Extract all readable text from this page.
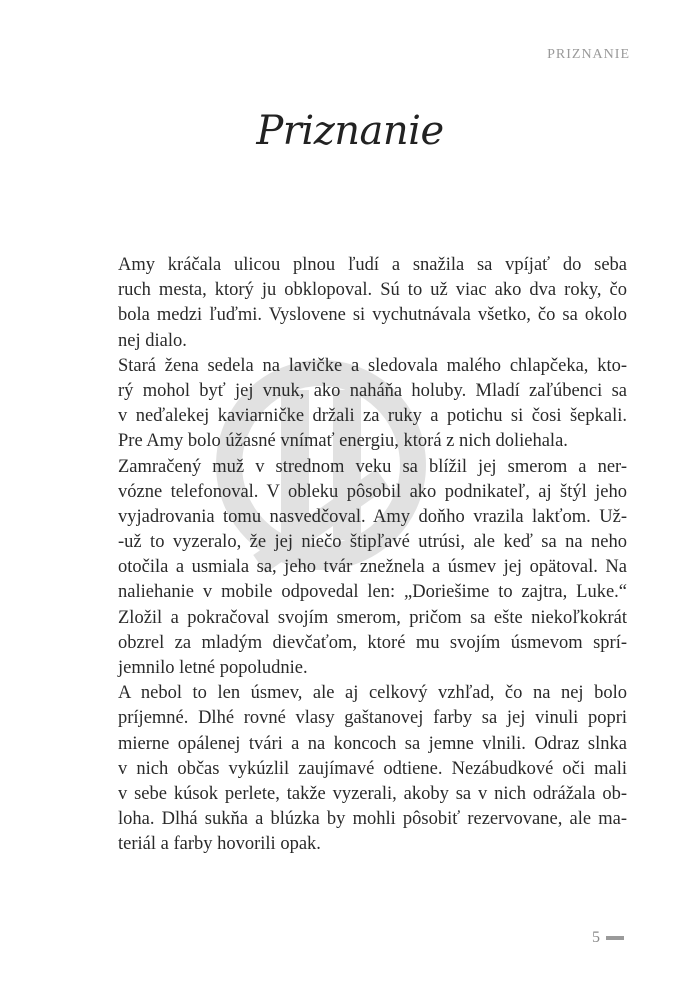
PRIZNANIE
Priznanie

Amy kráčala ulicou plnou ľudí a snažila sa vpíjať do seba
ruch mesta, ktorý ju obklopoval. Sú to už viac ako dva roky, čo
bola medzi ľuďmi. Vyslovene si vychutnávala všetko, čo sa okolo
nej dialo.

Stará žena sedela na lavičke a sledovala malého chlapčeka, kto-
rý mohol byť jej vnuk, ako naháňa holuby. Mladí zaľúbenci sa
v neďalekej kaviarničke držali za ruky a potichu si čosi šepkali.
Pre Amy bolo úžasné vnímať energiu, ktorá z nich doliehala.

Zamračený muž v strednom veku sa blížil jej smerom a ner-
vózne telefonoval. V obleku pôsobil ako podnikateľ, aj štýl jeho
vyjadrovania tomu nasvedčoval. Amy doňho vrazila lakťom. Už-
-už to vyzeralo, že jej niečo štipľavé utrúsi, ale keď sa na neho
otočila a usmiala sa, jeho tvár znežnela a úsmev jej opätoval. Na
naliehanie v mobile odpovedal len: „Doriešime to zajtra, Luke.“
Zložil a pokračoval svojím smerom, pričom sa ešte niekoľkokrát
obzrel za mladým dievčaťom, ktoré mu svojím úsmevom sprí-
jemnilo letné popoludnie.

A nebol to len úsmev, ale aj celkový vzhľad, čo na nej bolo
príjemné. Dlhé rovné vlasy gaštanovej farby sa jej vinuli popri
mierne opálenej tvári a na koncoch sa jemne vlnili. Odraz slnka
v nich občas vykúzlil zaujímavé odtiene. Nezábudkové oči mali
v sebe kúsok perlete, takže vyzerali, akoby sa v nich odrážala ob-
loha. Dlhá sukňa a blúzka by mohli pôsobiť rezervovane, ale ma-
teriál a farby hovorili opak.

5
